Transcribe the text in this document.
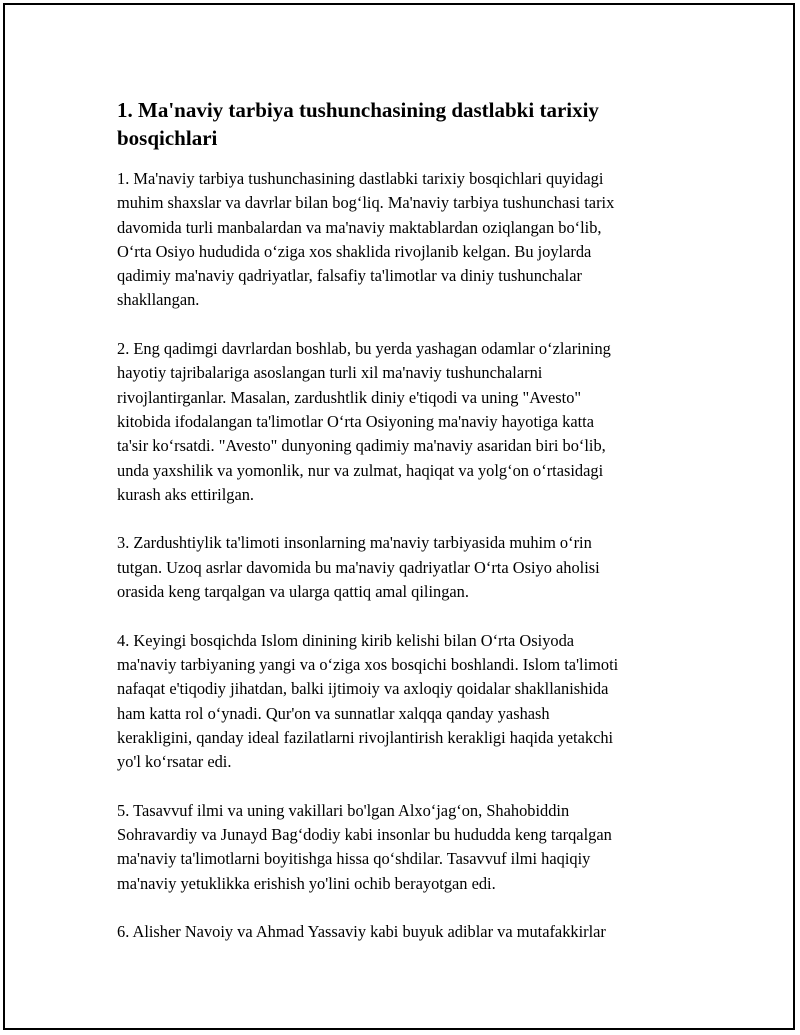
1. Ma'naviy tarbiya tushunchasining dastlabki tarixiy
bosqichlari

1. Ma'naviy tarbiya tushunchasining dastlabki tarixiy bosqichlari quyidagi
muhim shaxslar va davrlar bilan bog‘liq. Ma'naviy tarbiya tushunchasi tarix
davomida turli manbalardan va ma'naviy maktablardan oziqlangan bo‘lib,
O‘rta Osiyo hududida o‘ziga xos shaklida rivojlanib kelgan. Bu joylarda
qadimiy ma'naviy qadriyatlar, falsafiy ta'limotlar va diniy tushunchalar
shakllangan.

2. Eng qadimgi davrlardan boshlab, bu yerda yashagan odamlar o‘zlarining
hayotiy tajribalariga asoslangan turli xil ma'naviy tushunchalarni
rivojlantirganlar. Masalan, zardushtlik diniy e'tiqodi va uning "Avesto"
kitobida ifodalangan ta'limotlar O‘rta Osiyoning ma'naviy hayotiga katta
ta'sir ko‘rsatdi. "Avesto" dunyoning qadimiy ma'naviy asaridan biri bo‘lib,
unda yaxshilik va yomonlik, nur va zulmat, haqiqat va yolg‘on o‘rtasidagi
kurash aks ettirilgan.

3. Zardushtiylik ta'limoti insonlarning ma'naviy tarbiyasida muhim o‘rin
tutgan. Uzoq asrlar davomida bu ma'naviy qadriyatlar O‘rta Osiyo aholisi
orasida keng tarqalgan va ularga qattiq amal qilingan.

4. Keyingi bosqichda Islom dinining kirib kelishi bilan O‘rta Osiyoda
ma'naviy tarbiyaning yangi va o‘ziga xos bosqichi boshlandi. Islom ta'limoti
nafaqat e'tiqodiy jihatdan, balki ijtimoiy va axloqiy qoidalar shakllanishida
ham katta rol o‘ynadi. Qur'on va sunnatlar xalqqa qanday yashash
kerakligini, qanday ideal fazilatlarni rivojlantirish kerakligi haqida yetakchi
yo'l ko‘rsatar edi.

5. Tasavvuf ilmi va uning vakillari bo'lgan Alxo‘jag‘on, Shahobiddin
Sohravardiy va Junayd Bag‘dodiy kabi insonlar bu hududda keng tarqalgan
ma'naviy ta'limotlarni boyitishga hissa qo‘shdilar. Tasavvuf ilmi haqiqiy
ma'naviy yetuklikka erishish yo'lini ochib berayotgan edi.

6. Alisher Navoiy va Ahmad Yassaviy kabi buyuk adiblar va mutafakkirlar
